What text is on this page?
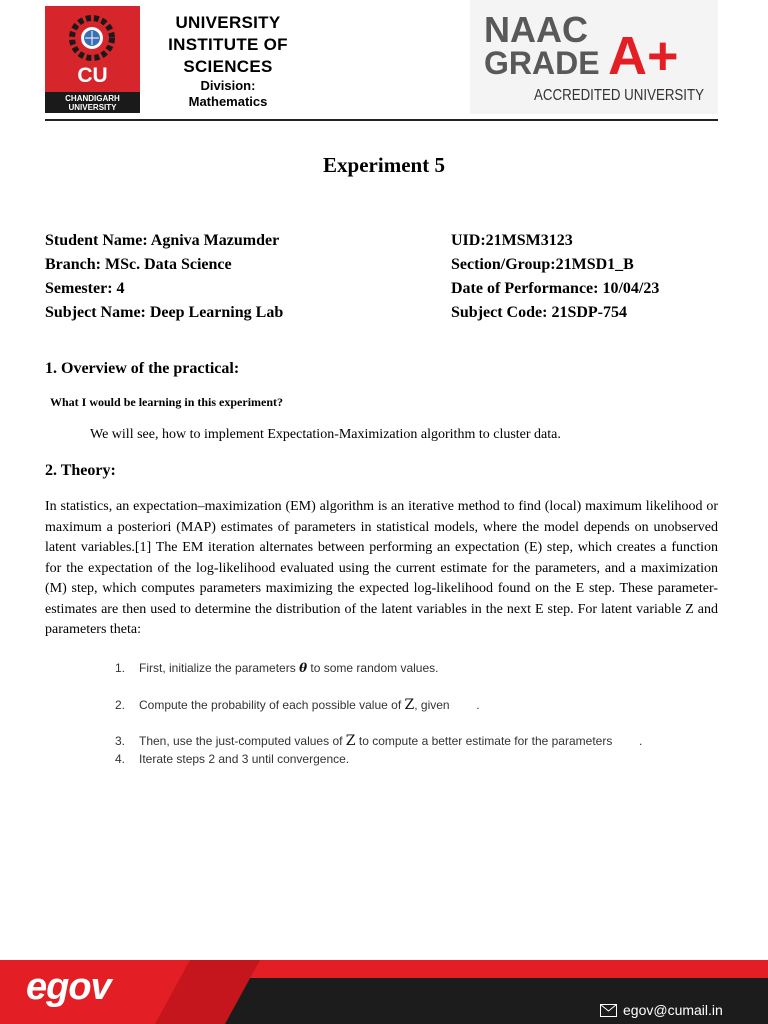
CU
CHANDIGARH
UNIVERSITY
UNIVERSITY
INSTITUTE OF
SCIENCES
Division:
Mathematics
NAAC
GRADE A+
ACCREDITED UNIVERSITY
Experiment 5
Student Name: Agniva Mazumder
Branch: MSc. Data Science
Semester: 4
Subject Name: Deep Learning Lab
UID:21MSM3123
Section/Group:21MSD1_B
Date of Performance: 10/04/23
Subject Code: 21SDP-754
1. Overview of the practical:
What I would be learning in this experiment?
We will see, how to implement Expectation-Maximization algorithm to cluster data.
2. Theory:

In statistics, an expectation–maximization (EM) algorithm is an iterative method to find (local) maximum likelihood or maximum a posteriori (MAP) estimates of parameters in statistical models, where the model depends on unobserved latent variables.[1] The EM iteration alternates between performing an expectation (E) step, which creates a function for the expectation of the log-likelihood evaluated using the current estimate for the parameters, and a maximization (M) step, which computes parameters maximizing the expected log-likelihood found on the E step. These parameter-estimates are then used to determine the distribution of the latent variables in the next E step. For latent variable Z and parameters theta:

1. First, initialize the parameters θ to some random values.
2. Compute the probability of each possible value of Z, given        .
3. Then, use the just-computed values of Z to compute a better estimate for the parameters        .
4. Iterate steps 2 and 3 until convergence.
egov
egov@cumail.in
